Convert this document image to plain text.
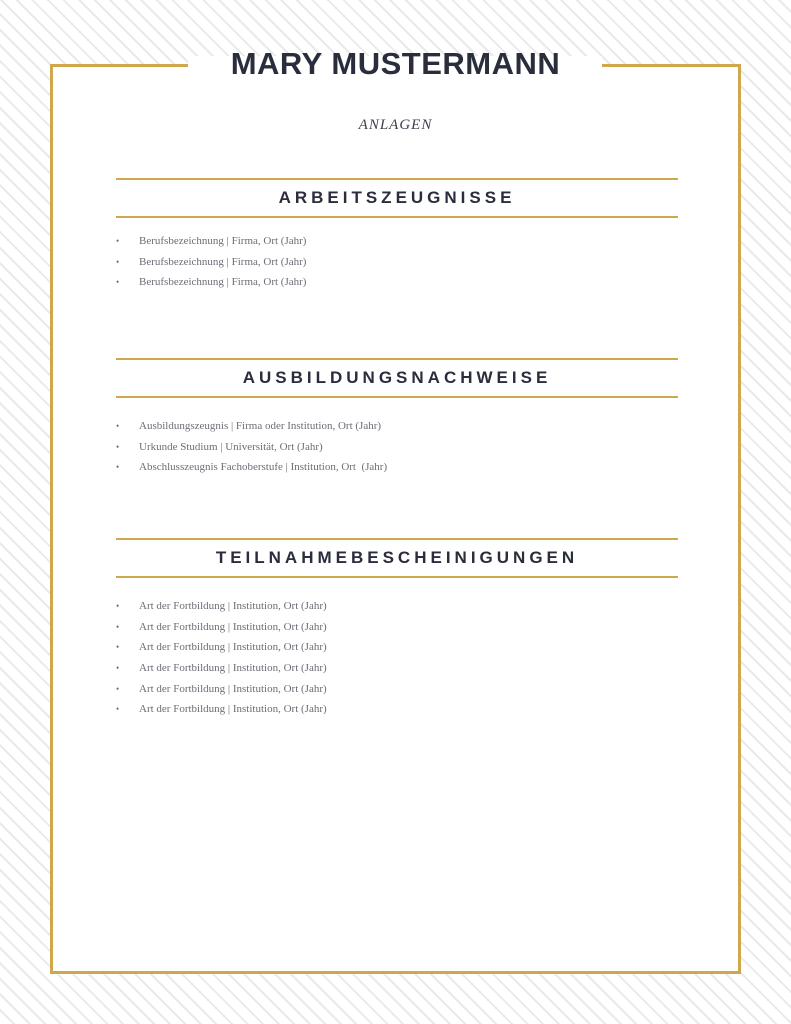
MARY MUSTERMANN
ANLAGEN
ARBEITSZEUGNISSE
• Berufsbezeichnung | Firma, Ort (Jahr)
• Berufsbezeichnung | Firma, Ort (Jahr)
• Berufsbezeichnung | Firma, Ort (Jahr)
AUSBILDUNGSNACHWEISE
• Ausbildungszeugnis | Firma oder Institution, Ort (Jahr)
• Urkunde Studium | Universität, Ort (Jahr)
• Abschlusszeugnis Fachoberstufe | Institution, Ort  (Jahr)
TEILNAHMEBESCHEINIGUNGEN
• Art der Fortbildung | Institution, Ort (Jahr)
• Art der Fortbildung | Institution, Ort (Jahr)
• Art der Fortbildung | Institution, Ort (Jahr)
• Art der Fortbildung | Institution, Ort (Jahr)
• Art der Fortbildung | Institution, Ort (Jahr)
• Art der Fortbildung | Institution, Ort (Jahr)
